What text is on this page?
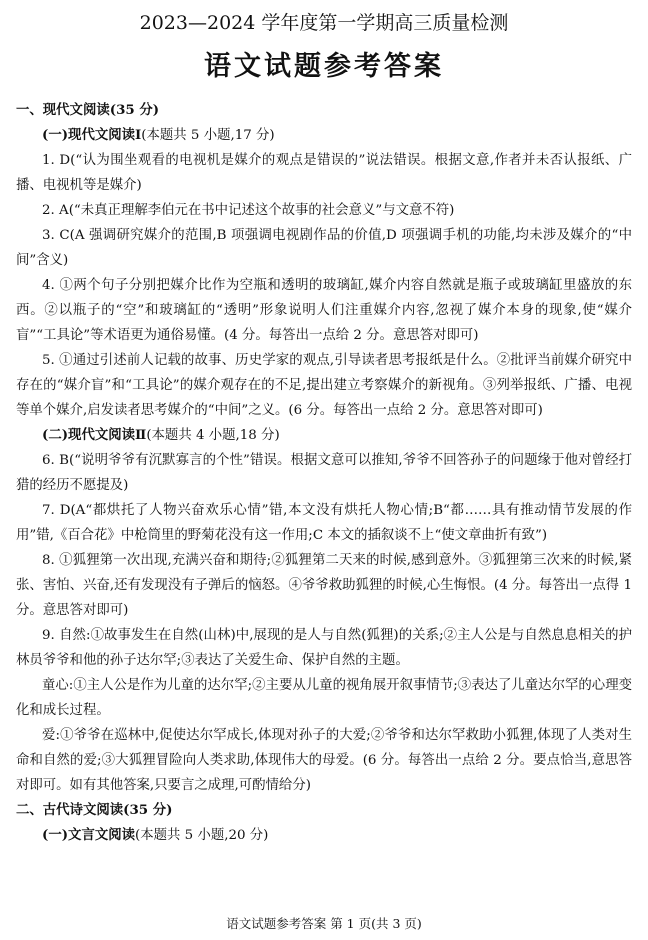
2023—2024 学年度第一学期高三质量检测
语文试题参考答案
一、现代文阅读(35 分)
(一)现代文阅读Ⅰ(本题共 5 小题,17 分)
1. D(“认为围坐观看的电视机是媒介的观点是错误的”说法错误。根据文意,作者并未否认报纸、广播、电视机等是媒介)
2. A(“未真正理解李伯元在书中记述这个故事的社会意义”与文意不符)
3. C(A 强调研究媒介的范围,B 项强调电视剧作品的价值,D 项强调手机的功能,均未涉及媒介的“中间”含义)
4. ①两个句子分别把媒介比作为空瓶和透明的玻璃缸,媒介内容自然就是瓶子或玻璃缸里盛放的东西。②以瓶子的“空”和玻璃缸的“透明”形象说明人们注重媒介内容,忽视了媒介本身的现象,使“媒介盲”“工具论”等术语更为通俗易懂。(4 分。每答出一点给 2 分。意思答对即可)
5. ①通过引述前人记载的故事、历史学家的观点,引导读者思考报纸是什么。②批评当前媒介研究中存在的“媒介盲”和“工具论”的媒介观存在的不足,提出建立考察媒介的新视角。③列举报纸、广播、电视等单个媒介,启发读者思考媒介的“中间”之义。(6 分。每答出一点给 2 分。意思答对即可)
(二)现代文阅读Ⅱ(本题共 4 小题,18 分)
6. B(“说明爷爷有沉默寡言的个性”错误。根据文意可以推知,爷爷不回答孙子的问题缘于他对曾经打猎的经历不愿提及)
7. D(A“都烘托了人物兴奋欢乐心情”错,本文没有烘托人物心情;B“都……具有推动情节发展的作用”错,《百合花》中枪筒里的野菊花没有这一作用;C 本文的插叙谈不上“使文章曲折有致”)
8. ①狐狸第一次出现,充满兴奋和期待;②狐狸第二天来的时候,感到意外。③狐狸第三次来的时候,紧张、害怕、兴奋,还有发现没有子弹后的恼怒。④爷爷救助狐狸的时候,心生悔恨。(4 分。每答出一点得 1 分。意思答对即可)
9. 自然:①故事发生在自然(山林)中,展现的是人与自然(狐狸)的关系;②主人公是与自然息息相关的护林员爷爷和他的孙子达尔罕;③表达了关爱生命、保护自然的主题。
童心:①主人公是作为儿童的达尔罕;②主要从儿童的视角展开叙事情节;③表达了儿童达尔罕的心理变化和成长过程。
爱:①爷爷在巡林中,促使达尔罕成长,体现对孙子的大爱;②爷爷和达尔罕救助小狐狸,体现了人类对生命和自然的爱;③大狐狸冒险向人类求助,体现伟大的母爱。(6 分。每答出一点给 2 分。要点恰当,意思答对即可。如有其他答案,只要言之成理,可酌情给分)
二、古代诗文阅读(35 分)
(一)文言文阅读(本题共 5 小题,20 分)
语文试题参考答案 第 1 页(共 3 页)
